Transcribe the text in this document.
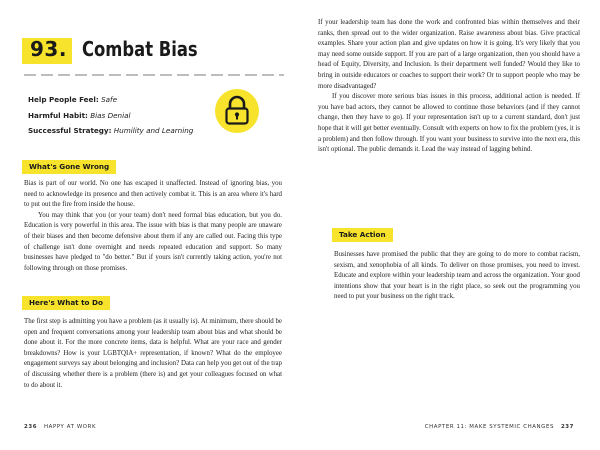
93. Combat Bias
Help People Feel: Safe
Harmful Habit: Bias Denial
Successful Strategy: Humility and Learning
What's Gone Wrong

Bias is part of our world. No one has escaped it unaffected. Instead of ignoring bias, you need to acknowledge its presence and then actively combat it. This is an area where it's hard to put out the fire from inside the house.

You may think that you (or your team) don't need formal bias education, but you do. Education is very powerful in this area. The issue with bias is that many people are unaware of their biases and then become defensive about them if any are called out. Facing this type of challenge isn't done overnight and needs repeated education and support. So many businesses have pledged to "do better." But if yours isn't currently taking action, you're not following through on those promises.

Here's What to Do

The first step is admitting you have a problem (as it usually is). At minimum, there should be open and frequent conversations among your leadership team about bias and what should be done about it. For the more concrete items, data is helpful. What are your race and gender breakdowns? How is your LGBTQIA+ representation, if known? What do the employee engagement surveys say about belonging and inclusion? Data can help you get out of the trap of discussing whether there is a problem (there is) and get your colleagues focused on what to do about it.

236 HAPPY AT WORK

If your leadership team has done the work and confronted bias within themselves and their ranks, then spread out to the wider organization. Raise awareness about bias. Give practical examples. Share your action plan and give updates on how it is going. It's very likely that you may need some outside support. If you are part of a large organization, then you should have a head of Equity, Diversity, and Inclusion. Is their department well funded? Would they like to bring in outside educators or coaches to support their work? Or to support people who may be more disadvantaged?

If you discover more serious bias issues in this process, additional action is needed. If you have bad actors, they cannot be allowed to continue those behaviors (and if they cannot change, then they have to go). If your representation isn't up to a current standard, don't just hope that it will get better eventually. Consult with experts on how to fix the problem (yes, it is a problem) and then follow through. If you want your business to survive into the next era, this isn't optional. The public demands it. Lead the way instead of lagging behind.

Take Action

Businesses have promised the public that they are going to do more to combat racism, sexism, and xenophobia of all kinds. To deliver on those promises, you need to invest. Educate and explore within your leadership team and across the organization. Your good intentions show that your heart is in the right place, so seek out the programming you need to put your business on the right track.

CHAPTER 11: MAKE SYSTEMIC CHANGES 237
